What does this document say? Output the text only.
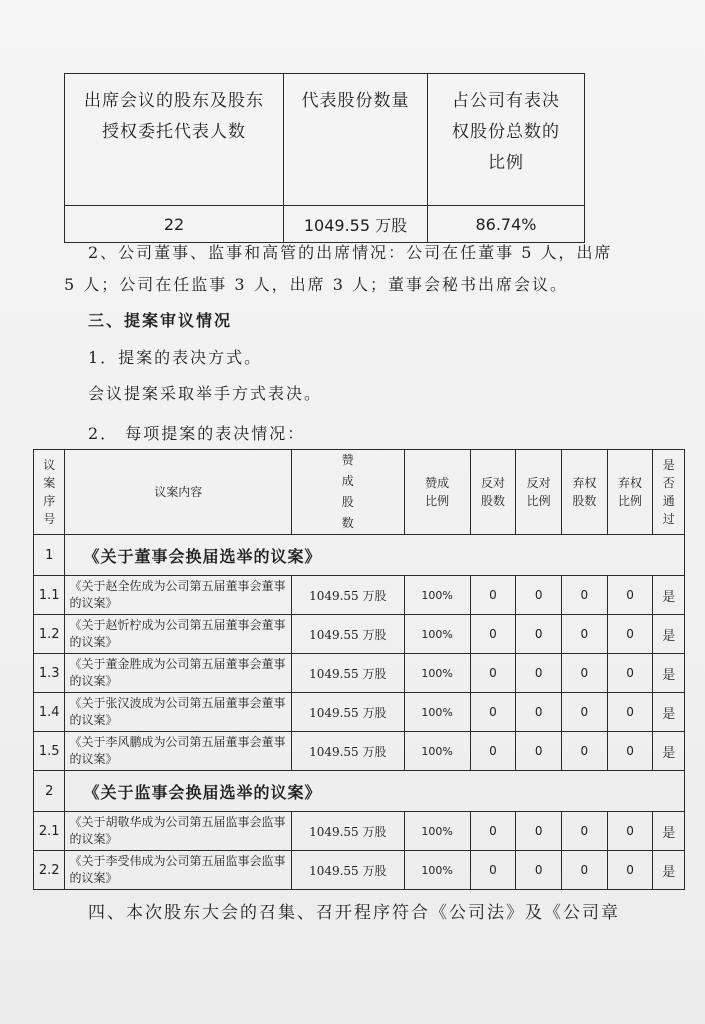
出席会议的股东及股东授权委托代表人数	代表股份数量	占公司有表决权股份总数的比例
22	1049.55 万股	86.74%
2、公司董事、监事和高管的出席情况：公司在任董事 5 人，出席
5 人；公司在任监事 3 人，出席 3 人；董事会秘书出席会议。
三、提案审议情况
1．提案的表决方式。
会议提案采取举手方式表决。
2． 每项提案的表决情况：
议案序号	议案内容	赞成股数	赞成比例	反对股数	反对比例	弃权股数	弃权比例	是否通过
1	《关于董事会换届选举的议案》							
1.1	《关于赵全佐成为公司第五届董事会董事的议案》	1049.55 万股	100%	0	0	0	0	是
1.2	《关于赵忻柠成为公司第五届董事会董事的议案》	1049.55 万股	100%	0	0	0	0	是
1.3	《关于董金胜成为公司第五届董事会董事的议案》	1049.55 万股	100%	0	0	0	0	是
1.4	《关于张汉波成为公司第五届董事会董事的议案》	1049.55 万股	100%	0	0	0	0	是
1.5	《关于李风鹏成为公司第五届董事会董事的议案》	1049.55 万股	100%	0	0	0	0	是
2	《关于监事会换届选举的议案》							
2.1	《关于胡敬华成为公司第五届监事会监事的议案》	1049.55 万股	100%	0	0	0	0	是
2.2	《关于李受伟成为公司第五届监事会监事的议案》	1049.55 万股	100%	0	0	0	0	是
四、本次股东大会的召集、召开程序符合《公司法》及《公司章
